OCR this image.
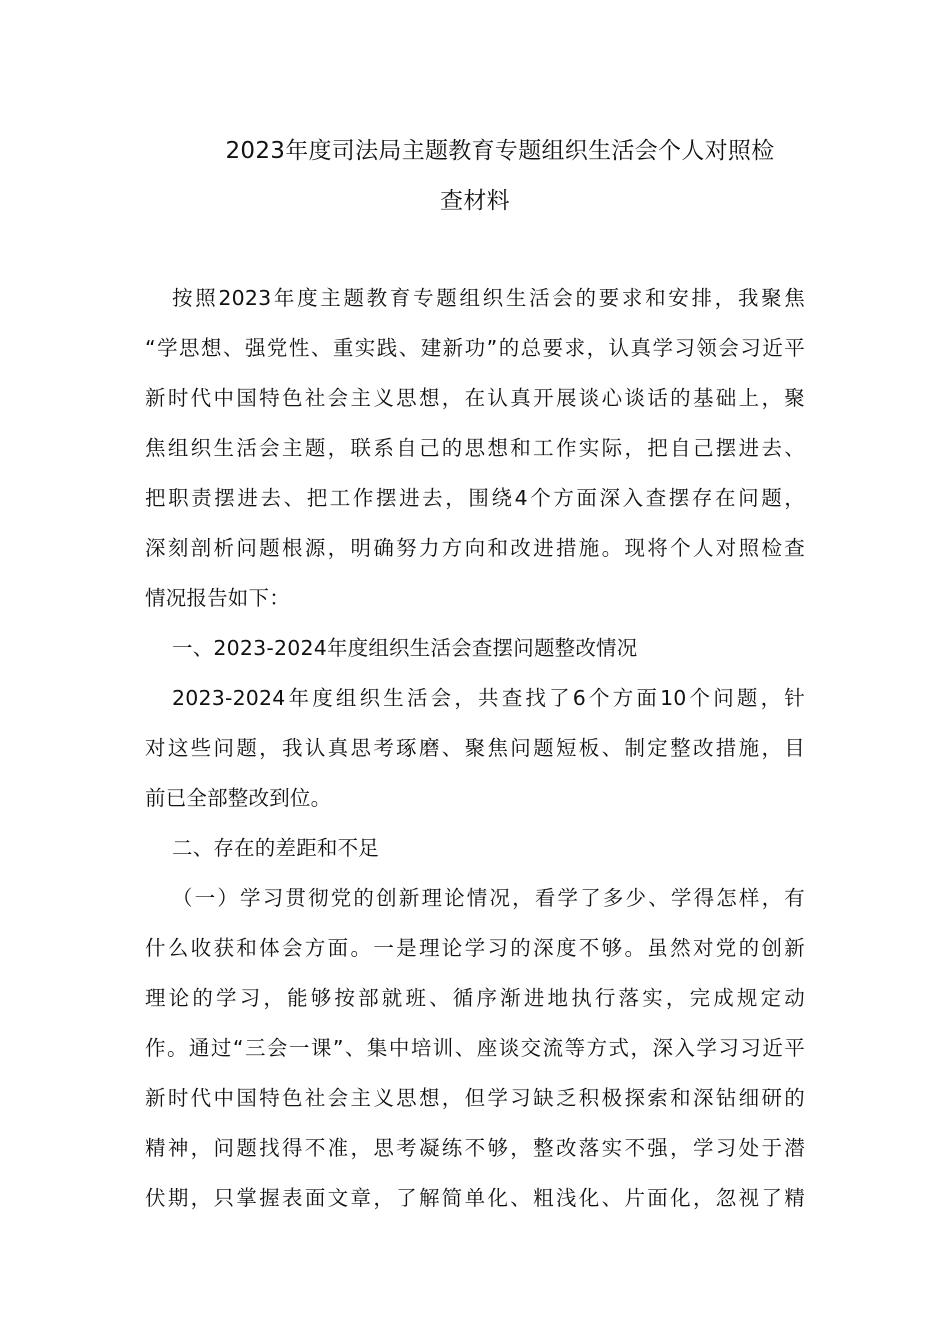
2023年度司法局主题教育专题组织生活会个人对照检
查材料
按照2023年度主题教育专题组织生活会的要求和安排，我聚焦
“学思想、强党性、重实践、建新功”的总要求，认真学习领会习近平
新时代中国特色社会主义思想，在认真开展谈心谈话的基础上，聚
焦组织生活会主题，联系自己的思想和工作实际，把自己摆进去、
把职责摆进去、把工作摆进去，围绕4个方面深入查摆存在问题，
深刻剖析问题根源，明确努力方向和改进措施。现将个人对照检查
情况报告如下：
一、2023-2024年度组织生活会查摆问题整改情况
2023-2024年度组织生活会，共查找了6个方面10个问题，针
对这些问题，我认真思考琢磨、聚焦问题短板、制定整改措施，目
前已全部整改到位。
二、存在的差距和不足
（一）学习贯彻党的创新理论情况，看学了多少、学得怎样，有
什么收获和体会方面。一是理论学习的深度不够。虽然对党的创新
理论的学习，能够按部就班、循序渐进地执行落实，完成规定动
作。通过“三会一课”、集中培训、座谈交流等方式，深入学习习近平
新时代中国特色社会主义思想，但学习缺乏积极探索和深钻细研的
精神，问题找得不准，思考凝练不够，整改落实不强，学习处于潜
伏期，只掌握表面文章，了解简单化、粗浅化、片面化，忽视了精
